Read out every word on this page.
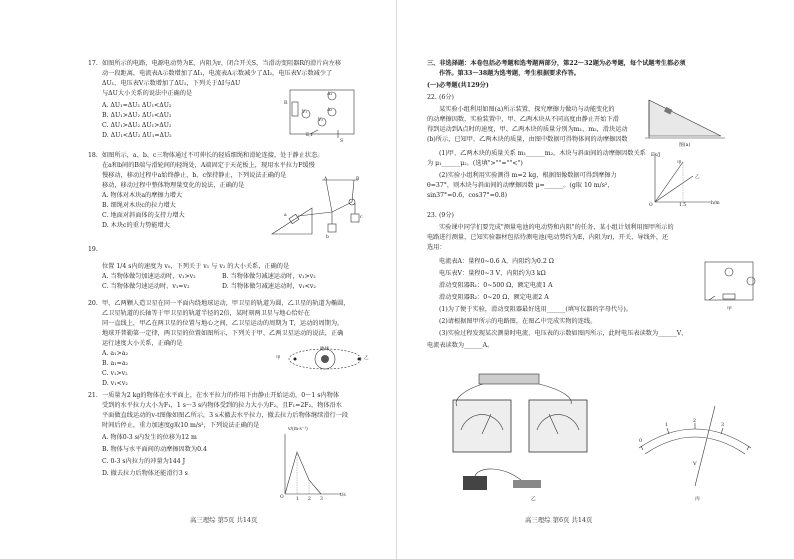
17. 如图所示的电路，电源电动势为E，内阻为r，闭合开关S，当滑动变阻器R的滑片向左移
动一段距离，电流表A示数增加了ΔI₁，电流表A示数减少了ΔI₂，电压表V示数减少了
ΔU₁，电压表V示数增加了ΔU₂，下列关于ΔI与ΔU
与ΔU大小关系的说法中正确的是
A. ΔU₁=ΔU₂ ΔU₁<ΔU₂
B. ΔU₁>ΔU₂ ΔU₁<ΔU₂
C. ΔU₁>ΔU₂ ΔU₁>ΔU₂
D. ΔU₁<ΔU₂ ΔU₁=ΔU₂
A₁
A₂
V₁
V₂
R
S
E,r
18. 如图所示，a、b、c三物体通过不可伸长的轻质细绳和滑轮连接，处于静止状态。
在a和b间的B端与滑轮间的轻绳处，A端固定于天花板上，现用水平拉力F缓慢
慢移动，移动过程中a始终静止，b、c保持静止，下列说法正确的是
移动，移动过程中整体物理量变化的说法，正确的是
A. 物体对木块a的摩擦力增大
B. 细绳对木块c的拉力增大
C. 地面对斜面体的支持力增大
D. 木块c的重力势能增大
A	B
a
b
c
19.
位置 1/4 s内的速度为 v₀，下列关于 v₁ 与 v₂ 的大小关系，正确的是
A. 当物体做匀加速运动时，v₁>v₂	B. 当物体做匀减速运动时，v₁>v₂
C. 当物体做匀速运动时，v₁=v₂	D. 当物体做匀减速运动时，v₁<v₂
20. 甲、乙两颗人造卫星在同一平面内绕地球运动，甲卫星的轨道为圆，乙卫星的轨道为椭圆，
乙卫星轨道的长轴等于甲卫星的轨道半径的2倍，某时刻两卫星与地心恰好在
同一直线上，甲乙在两卫星的位置与地心之间，乙卫星运动的周期为 T，运动的周期为，
地球开普勒第一定律，两卫星的位置如图所示，下列关于甲、乙两卫星运动的说法，正确
运行速度大小关系，正确的是
A. a₁>a₂
B. a₁=a₂
C. v₁>v₂
D. v₁<v₂
甲
地球
乙
21. 一质量为2 kg的物体在水平面上，在水平拉力的作用下由静止开始运动，0～1 s内物体
受到的水平拉力大小为F₁，1 s～3 s内物体受到的拉力大小为F₂，且F₁=2F₂，物体沿水
平面做直线运动的v-t图像如图乙所示，3 s末撤去水平拉力，撤去拉力后物体继续滑行一段
时间后停止，重力加速度g取10 m/s²，下列说法正确的是
A. 物体0-3 s内发生的位移为12 m
B. 物体与水平面间的动摩擦因数为0.4
C. 0-3 s内拉力的冲量为144 J
D. 撤去拉力后物体还能滑行3 s
v/(m·s⁻¹)
t/s
O	1 2 3
高三理综 第5页 共14页
三、非选择题：本卷包括必考题和选考题两部分，第22～32题为必考题，每个试题考生都必须
作答。第33～38题为选考题，考生根据要求作答。
(一)必考题(共129分)
22. (6分)
某实验小组利用如图(a)所示装置，探究摩擦力做功与动能变化的
的动摩擦因数，实验装置中，甲、乙两木块从不同高度由静止开始下滑
得到运动到A点时的速度，甲、乙两木块的质量分别为m₁、m₂，滑块运动
(b)所示，已知甲、乙两木块的质量，由图中数据可得物体间的动摩擦因数
(1)甲、乙两木块的质量关系 m₁______m₂，木块与斜面间的动摩擦因数关系
为 μ₁______μ₂。(选填">""=""<")
(2)实验小组利用实验测得 m=2 kg，根据图像数据可得到摩擦力
θ=37°，则木块与斜面间的动摩擦因数 μ=______。(g取 10 m/s²，
sin37°=0.6，cos37°=0.8)
图(a)
Ek/J
甲
乙
h/m
O	1.5
23. (9分)
实验课中同学们要完成"测量电池的电动势和内阻"的任务，某小组计划利用图甲所示的
电路进行测量，已知实验器材包括待测电池(电动势约为E，内阻为r)，开关、导线外，还
选用：
电流表A：量程0~0.6 A，内阻约为0.2 Ω
电压表V：量程0~3 V，内阻约为3 kΩ
滑动变阻器R₁：0~500 Ω，额定电流1 A
滑动变阻器R₂：0~20 Ω，额定电流2 A
(1)为了便于实验，滑动变阻器最好选用______(填写仪器的字母代号)。
(2)请根据图甲所示的电路图，在图乙中完成实物的连线。
(3)实验过程发现某次测量时电流、电压表的示数如图丙所示，此时电压表读数为______V，
电流表读数为______A。
甲
乙
0
1
2
3
V
丙
高三理综 第6页 共14页
